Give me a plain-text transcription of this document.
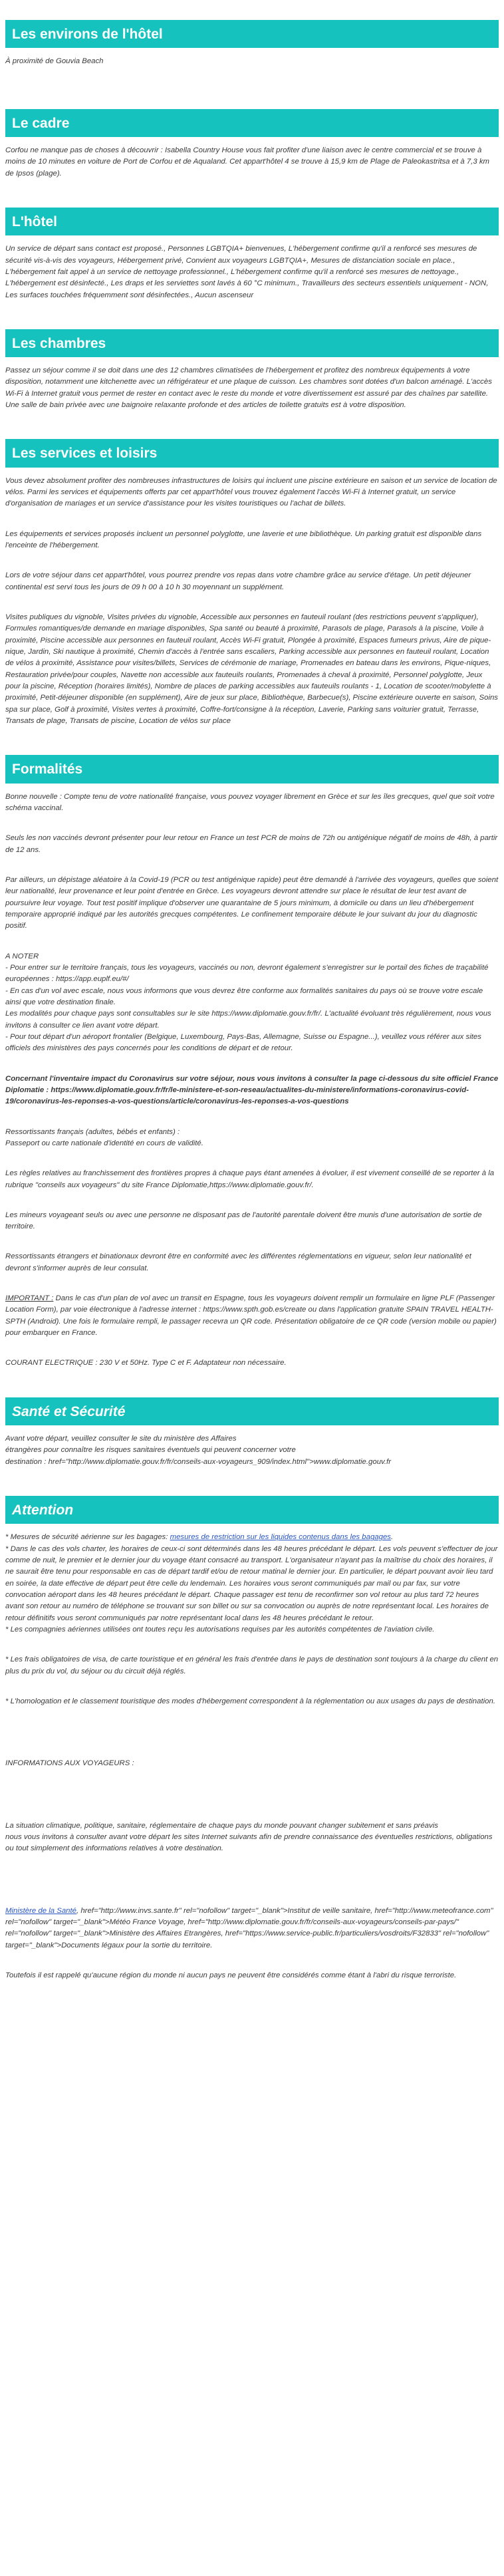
Les environs de l'hôtel

À proximité de Gouvia Beach

Le cadre

Corfou ne manque pas de choses à découvrir : Isabella Country House vous fait profiter d'une liaison avec le centre commercial et se trouve à moins de 10 minutes en voiture de Port de Corfou et de Aqualand. Cet appart'hôtel 4 se trouve à 15,9 km de Plage de Paleokastritsa et à 7,3 km de Ipsos (plage).

L'hôtel

Un service de départ sans contact est proposé., Personnes LGBTQIA+ bienvenues, L'hébergement confirme qu'il a renforcé ses mesures de sécurité vis-à-vis des voyageurs, Hébergement privé, Convient aux voyageurs LGBTQIA+, Mesures de distanciation sociale en place., L'hébergement fait appel à un service de nettoyage professionnel., L'hébergement confirme qu'il a renforcé ses mesures de nettoyage., L'hébergement est désinfecté., Les draps et les serviettes sont lavés à 60 °C minimum., Travailleurs des secteurs essentiels uniquement - NON, Les surfaces touchées fréquemment sont désinfectées., Aucun ascenseur

Les chambres

Passez un séjour comme il se doit dans une des 12 chambres climatisées de l'hébergement et profitez des nombreux équipements à votre disposition, notamment une kitchenette avec un réfrigérateur et une plaque de cuisson. Les chambres sont dotées d'un balcon aménagé. L'accès Wi-Fi à Internet gratuit vous permet de rester en contact avec le reste du monde et votre divertissement est assuré par des chaînes par satellite. Une salle de bain privée avec une baignoire relaxante profonde et des articles de toilette gratuits est à votre disposition.

Les services et loisirs

Vous devez absolument profiter des nombreuses infrastructures de loisirs qui incluent une piscine extérieure en saison et un service de location de vélos. Parmi les services et équipements offerts par cet appart'hôtel vous trouvez également l'accès Wi-Fi à Internet gratuit, un service d'organisation de mariages et un service d'assistance pour les visites touristiques ou l'achat de billets.

Les équipements et services proposés incluent un personnel polyglotte, une laverie et une bibliothèque. Un parking gratuit est disponible dans l'enceinte de l'hébergement.

Lors de votre séjour dans cet appart'hôtel, vous pourrez prendre vos repas dans votre chambre grâce au service d'étage. Un petit déjeuner continental est servi tous les jours de 09 h 00 à 10 h 30 moyennant un supplément.

Visites publiques du vignoble, Visites privées du vignoble, Accessible aux personnes en fauteuil roulant (des restrictions peuvent s'appliquer), Formules romantiques/de demande en mariage disponibles, Spa santé ou beauté à proximité, Parasols de plage, Parasols à la piscine, Voile à proximité, Piscine accessible aux personnes en fauteuil roulant, Accès Wi-Fi gratuit, Plongée à proximité, Espaces fumeurs privus, Aire de pique-nique, Jardin, Ski nautique à proximité, Chemin d'accès à l'entrée sans escaliers, Parking accessible aux personnes en fauteuil roulant, Location de vélos à proximité, Assistance pour visites/billets, Services de cérémonie de mariage, Promenades en bateau dans les environs, Pique-niques, Restauration privée/pour couples, Navette non accessible aux fauteuils roulants, Promenades à cheval à proximité, Personnel polyglotte, Jeux pour la piscine, Réception (horaires limités), Nombre de places de parking accessibles aux fauteuils roulants - 1, Location de scooter/mobylette à proximité, Petit-déjeuner disponible (en supplément), Aire de jeux sur place, Bibliothèque, Barbecue(s), Piscine extérieure ouverte en saison, Soins spa sur place, Golf à proximité, Visites vertes à proximité, Coffre-fort/consigne à la réception, Laverie, Parking sans voiturier gratuit, Terrasse, Transats de plage, Transats de piscine, Location de vélos sur place

Formalités

Bonne nouvelle : Compte tenu de votre nationalité française, vous pouvez voyager librement en Grèce et sur les îles grecques, quel que soit votre schéma vaccinal.

Seuls les non vaccinés devront présenter pour leur retour en France un test PCR de moins de 72h ou antigénique négatif de moins de 48h, à partir de 12 ans.

Par ailleurs, un dépistage aléatoire à la Covid-19 (PCR ou test antigénique rapide) peut être demandé à l'arrivée des voyageurs, quelles que soient leur nationalité, leur provenance et leur point d'entrée en Grèce. Les voyageurs devront attendre sur place le résultat de leur test avant de poursuivre leur voyage. Tout test positif implique d'observer une quarantaine de 5 jours minimum, à domicile ou dans un lieu d'hébergement temporaire approprié indiqué par les autorités grecques compétentes. Le confinement temporaire débute le jour suivant du jour du diagnostic positif.

A NOTER

- Pour entrer sur le territoire français, tous les voyageurs, vaccinés ou non, devront également s'enregistrer sur le portail des fiches de traçabilité européennes : https://app.euplf.eu/#/

- En cas d'un vol avec escale, nous vous informons que vous devrez être conforme aux formalités sanitaires du pays où se trouve votre escale ainsi que votre destination finale.

Les modalités pour chaque pays sont consultables sur le site https://www.diplomatie.gouv.fr/fr/. L'actualité évoluant très régulièrement, nous vous invitons à consulter ce lien avant votre départ.

- Pour tout départ d'un aéroport frontalier (Belgique, Luxembourg, Pays-Bas, Allemagne, Suisse ou Espagne...), veuillez vous référer aux sites officiels des ministères des pays concernés pour les conditions de départ et de retour.

Concernant l'inventaire impact du Coronavirus sur votre séjour, nous vous invitons à consulter la page ci-dessous du site officiel France Diplomatie : https://www.diplomatie.gouv.fr/fr/le-ministere-et-son-reseau/actualites-du-ministere/informations-coronavirus-covid-19/coronavirus-les-reponses-a-vos-questions/article/coronavirus-les-reponses-a-vos-questions

Ressortissants français (adultes, bébés et enfants) :

Passeport ou carte nationale d'identité en cours de validité.

Les règles relatives au franchissement des frontières propres à chaque pays étant amenées à évoluer, il est vivement conseillé de se reporter à la rubrique "conseils aux voyageurs" du site France Diplomatie,https://www.diplomatie.gouv.fr/.

Les mineurs voyageant seuls ou avec une personne ne disposant pas de l'autorité parentale doivent être munis d'une autorisation de sortie de territoire.

Ressortissants étrangers et binationaux devront être en conformité avec les différentes réglementations en vigueur, selon leur nationalité et devront s'informer auprès de leur consulat.

IMPORTANT : Dans le cas d'un plan de vol avec un transit en Espagne, tous les voyageurs doivent remplir un formulaire en ligne PLF (Passenger Location Form), par voie électronique à l'adresse internet : https://www.spth.gob.es/create ou dans l'application gratuite SPAIN TRAVEL HEALTH-SPTH (Android). Une fois le formulaire rempli, le passager recevra un QR code. Présentation obligatoire de ce QR code (version mobile ou papier) pour embarquer en France.

COURANT ELECTRIQUE : 230 V et 50Hz. Type C et F. Adaptateur non nécessaire.

Santé et Sécurité

Avant votre départ, veuillez consulter le site du ministère des Affaires

étrangères pour connaître les risques sanitaires éventuels qui peuvent concerner votre

destination : href="http://www.diplomatie.gouv.fr/fr/conseils-aux-voyageurs_909/index.html">www.diplomatie.gouv.fr

Attention

* Mesures de sécurité aérienne sur les bagages: mesures de restriction sur les liquides contenus dans les bagages.

* Dans le cas des vols charter, les horaires de ceux-ci sont déterminés dans les 48 heures précédant le départ. Les vols peuvent s'effectuer de jour comme de nuit, le premier et le dernier jour du voyage étant consacré au transport. L'organisateur n'ayant pas la maîtrise du choix des horaires, il ne saurait être tenu pour responsable en cas de départ tardif et/ou de retour matinal le dernier jour. En particulier, le départ pouvant avoir lieu tard en soirée, la date effective de départ peut être celle du lendemain. Les horaires vous seront communiqués par mail ou par fax, sur votre convocation aéroport dans les 48 heures précédant le départ. Chaque passager est tenu de reconfirmer son vol retour au plus tard 72 heures avant son retour au numéro de téléphone se trouvant sur son billet ou sur sa convocation ou auprès de notre représentant local. Les horaires de retour définitifs vous seront communiqués par notre représentant local dans les 48 heures précédant le retour.

* Les compagnies aériennes utilisées ont toutes reçu les autorisations requises par les autorités compétentes de l'aviation civile.

* Les frais obligatoires de visa, de carte touristique et en général les frais d'entrée dans le pays de destination sont toujours à la charge du client en plus du prix du vol, du séjour ou du circuit déjà réglés.

* L'homologation et le classement touristique des modes d'hébergement correspondent à la réglementation ou aux usages du pays de destination.

INFORMATIONS AUX VOYAGEURS :

La situation climatique, politique, sanitaire, réglementaire de chaque pays du monde pouvant changer subitement et sans préavis

nous vous invitons à consulter avant votre départ les sites Internet suivants afin de prendre connaissance des éventuelles restrictions, obligations ou tout simplement des informations relatives à votre destination.

Ministère de la Santé, href="http://www.invs.sante.fr" rel="nofollow" target="_blank">Institut de veille sanitaire, href="http://www.meteofrance.com" rel="nofollow" target="_blank">Météo France Voyage, href="http://www.diplomatie.gouv.fr/fr/conseils-aux-voyageurs/conseils-par-pays/" rel="nofollow" target="_blank">Ministère des Affaires Etrangères, href="https://www.service-public.fr/particuliers/vosdroits/F32833" rel="nofollow" target="_blank">Documents légaux pour la sortie du territoire.

Toutefois il est rappelé qu'aucune région du monde ni aucun pays ne peuvent être considérés comme étant à l'abri du risque terroriste.
